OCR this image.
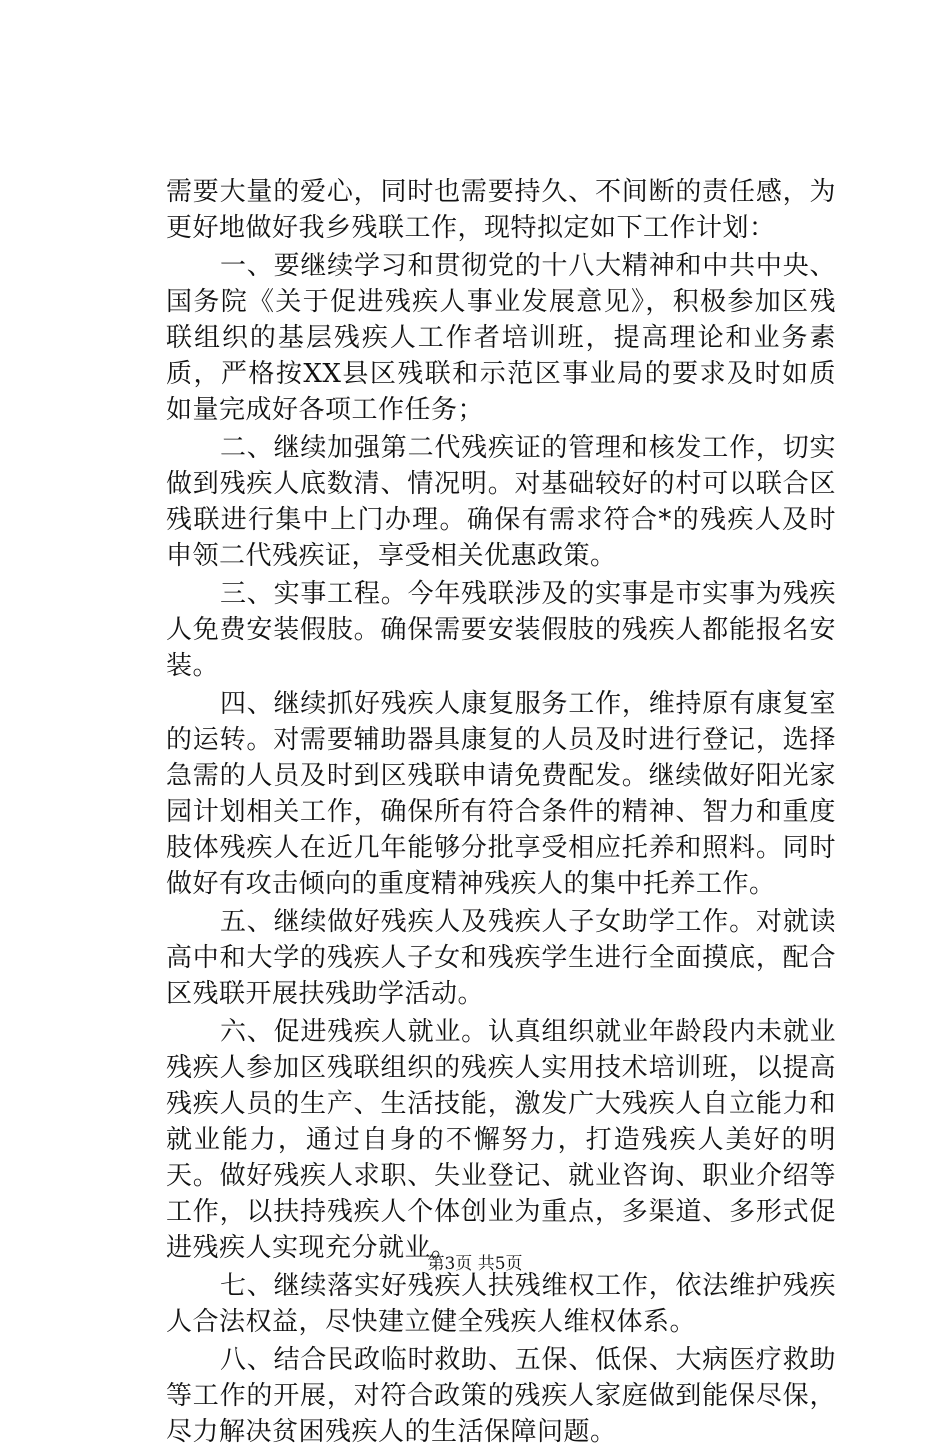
需要大量的爱心，同时也需要持久、不间断的责任感，为更好地做好我乡残联工作，现特拟定如下工作计划：

一、要继续学习和贯彻党的十八大精神和中共中央、国务院《关于促进残疾人事业发展意见》，积极参加区残联组织的基层残疾人工作者培训班，提高理论和业务素质，严格按XX县区残联和示范区事业局的要求及时如质如量完成好各项工作任务；

二、继续加强第二代残疾证的管理和核发工作，切实做到残疾人底数清、情况明。对基础较好的村可以联合区残联进行集中上门办理。确保有需求符合*的残疾人及时申领二代残疾证，享受相关优惠政策。

三、实事工程。今年残联涉及的实事是市实事为残疾人免费安装假肢。确保需要安装假肢的残疾人都能报名安装。

四、继续抓好残疾人康复服务工作，维持原有康复室的运转。对需要辅助器具康复的人员及时进行登记，选择急需的人员及时到区残联申请免费配发。继续做好阳光家园计划相关工作，确保所有符合条件的精神、智力和重度肢体残疾人在近几年能够分批享受相应托养和照料。同时做好有攻击倾向的重度精神残疾人的集中托养工作。

五、继续做好残疾人及残疾人子女助学工作。对就读高中和大学的残疾人子女和残疾学生进行全面摸底，配合区残联开展扶残助学活动。

六、促进残疾人就业。认真组织就业年龄段内未就业残疾人参加区残联组织的残疾人实用技术培训班，以提高残疾人员的生产、生活技能，激发广大残疾人自立能力和就业能力，通过自身的不懈努力，打造残疾人美好的明天。做好残疾人求职、失业登记、就业咨询、职业介绍等工作，以扶持残疾人个体创业为重点，多渠道、多形式促进残疾人实现充分就业。

七、继续落实好残疾人扶残维权工作，依法维护残疾人合法权益，尽快建立健全残疾人维权体系。

八、结合民政临时救助、五保、低保、大病医疗救助等工作的开展，对符合政策的残疾人家庭做到能保尽保，尽力解决贫困残疾人的生活保障问题。

第3页 共5页
